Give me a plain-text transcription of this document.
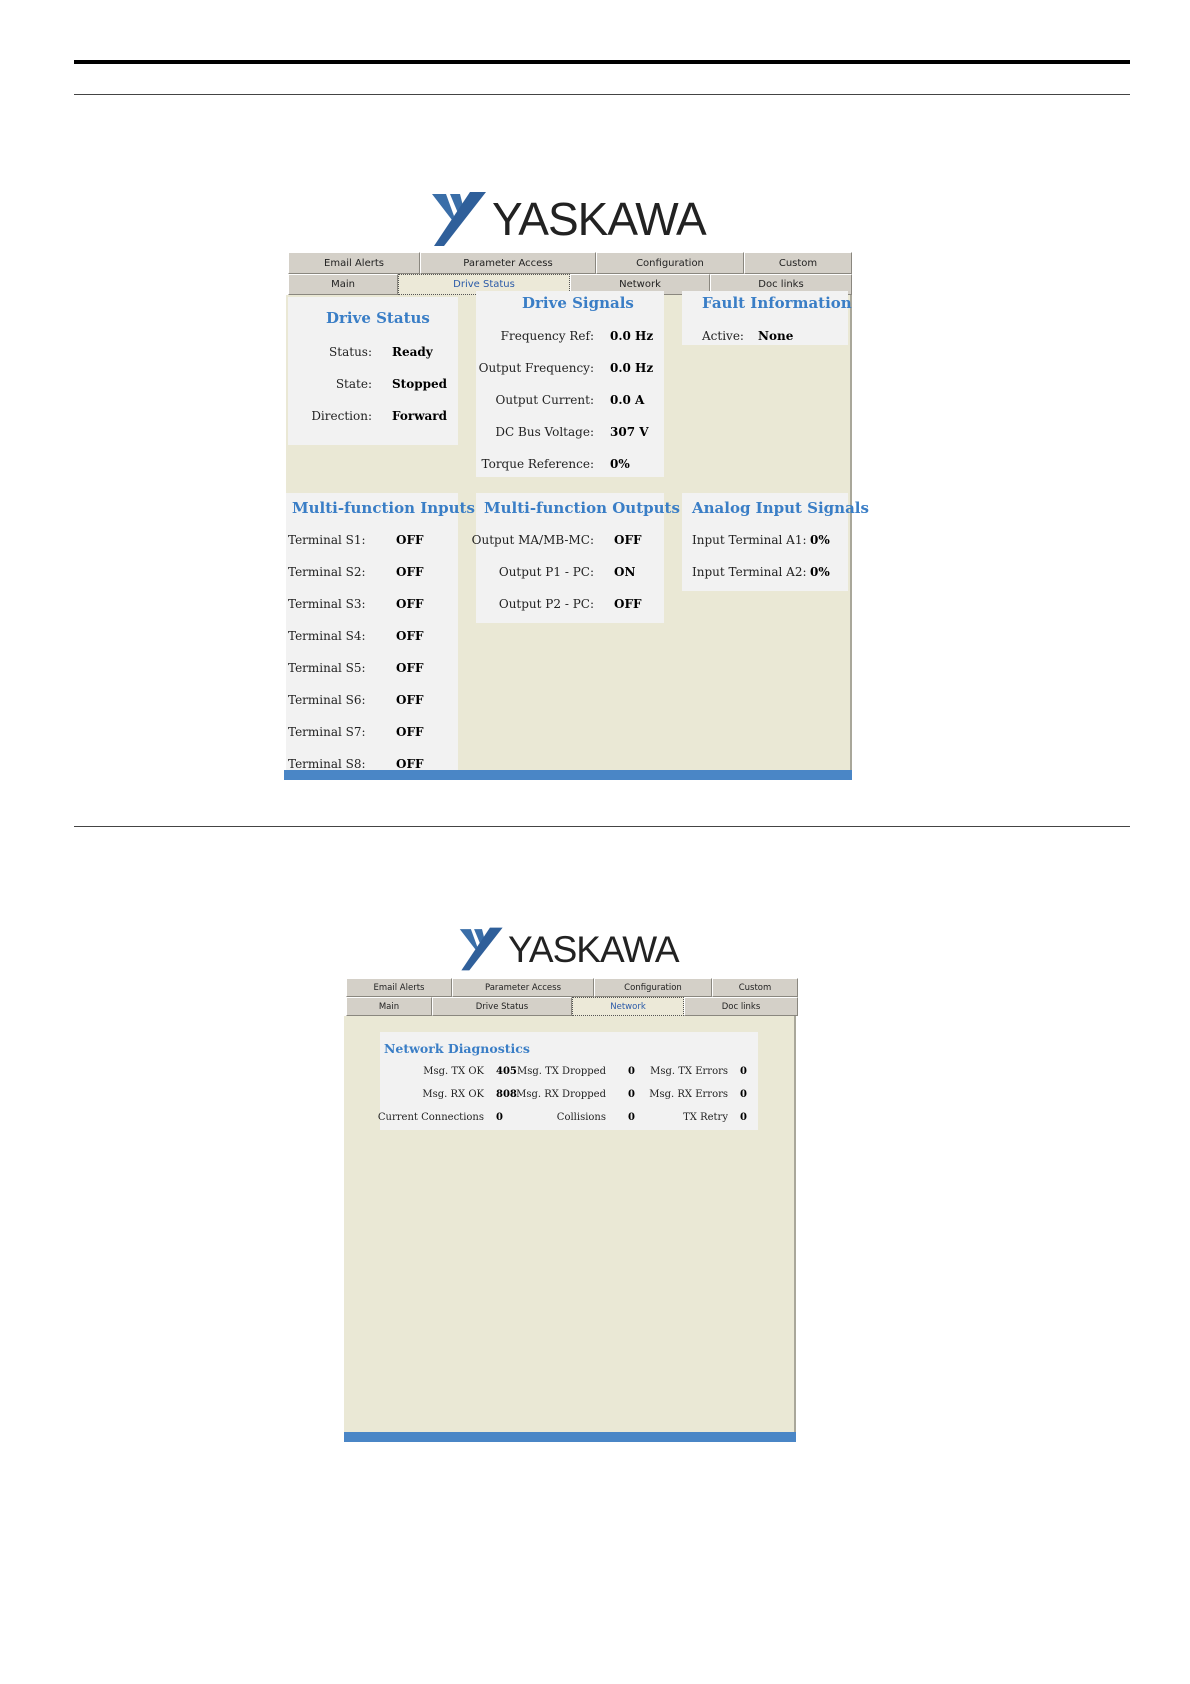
YASKAWA
Email Alerts	Parameter Access	Configuration	Custom
Main	Drive Status	Network	Doc links
Drive Status
Status: Ready
State: Stopped
Direction: Forward
Drive Signals
Frequency Ref: 0.0 Hz
Output Frequency: 0.0 Hz
Output Current: 0.0 A
DC Bus Voltage: 307 V
Torque Reference: 0%
Fault Information
Active: None
Multi-function Inputs
Terminal S1:	OFF
Terminal S2:	OFF
Terminal S3:	OFF
Terminal S4:	OFF
Terminal S5:	OFF
Terminal S6:	OFF
Terminal S7:	OFF
Terminal S8:	OFF
Multi-function Outputs
Output MA/MB-MC: OFF
Output P1 - PC: ON
Output P2 - PC: OFF
Analog Input Signals
Input Terminal A1: 0%
Input Terminal A2: 0%
YASKAWA
Email Alerts	Parameter Access	Configuration	Custom
Main	Drive Status	Network	Doc links
Network Diagnostics
Msg. TX OK 405 Msg. TX Dropped 0 Msg. TX Errors 0
Msg. RX OK 808 Msg. RX Dropped 0 Msg. RX Errors 0
Current Connections 0	Collisions 0	TX Retry 0
